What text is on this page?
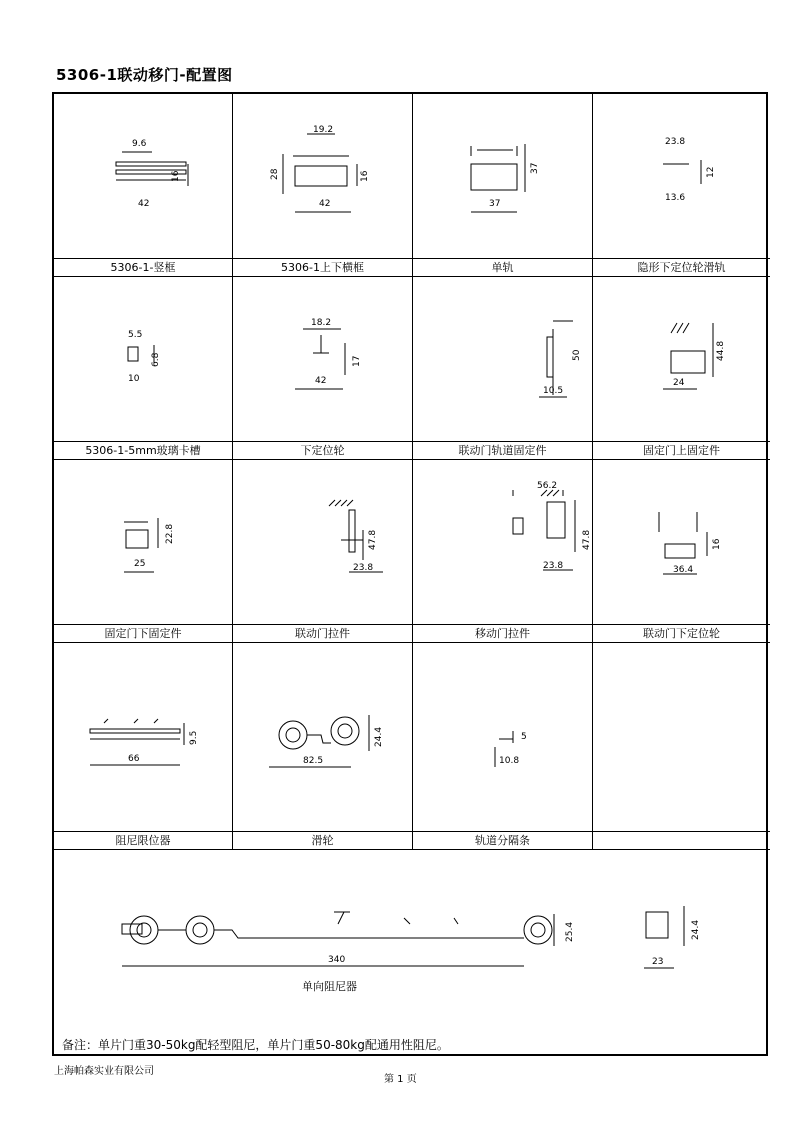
5306-1联动移门-配置图
9.6
16
42
5306-1-竖框
19.2
28	16
42
5306-1上下横框
37
37
单轨
23.8
12
13.6
隐形下定位轮滑轨
5.5
6.8
10
5306-1-5mm玻璃卡槽
18.2
17
42
下定位轮
50
10.5
联动门轨道固定件
44.8
24
固定门上固定件
22.8
25
固定门下固定件
47.8
23.8
联动门拉件
56.2
47.8
23.8
移动门拉件
16
36.4
联动门下定位轮
9.5
66
阻尼限位器
24.4
82.5
滑轮
5
10.8
轨道分隔条
340
25.4	24.4
23
单向阻尼器
备注：单片门重30-50kg配轻型阻尼，单片门重50-80kg配通用性阻尼。
上海帕森实业有限公司
第 1 页
